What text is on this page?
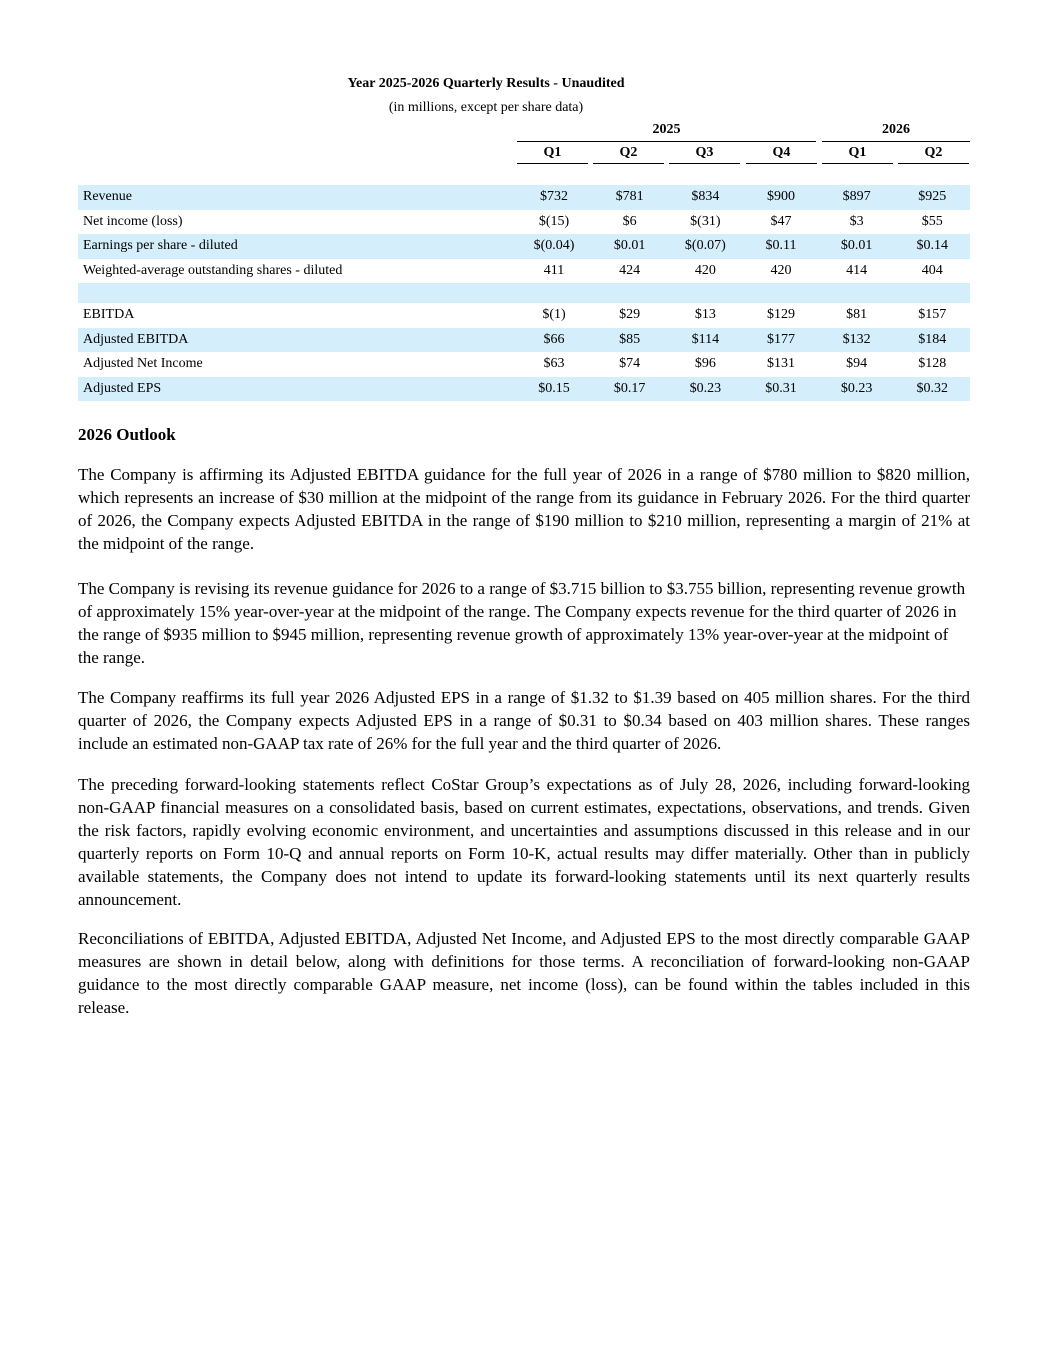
Year 2025-2026 Quarterly Results - Unaudited
(in millions, except per share data)
2025	2026
Q1	Q2	Q3	Q4	Q1	Q2
Revenue	$732	$781	$834	$900	$897	$925
Net income (loss)	$(15)	$6	$(31)	$47	$3	$55
Earnings per share - diluted	$(0.04)	$0.01	$(0.07)	$0.11	$0.01	$0.14
Weighted-average outstanding shares - diluted	411	424	420	420	414	404

EBITDA	$(1)	$29	$13	$129	$81	$157
Adjusted EBITDA	$66	$85	$114	$177	$132	$184
Adjusted Net Income	$63	$74	$96	$131	$94	$128
Adjusted EPS	$0.15	$0.17	$0.23	$0.31	$0.23	$0.32
2026 Outlook

The Company is affirming its Adjusted EBITDA guidance for the full year of 2026 in a range of $780 million to $820 million, which represents an increase of $30 million at the midpoint of the range from its guidance in February 2026. For the third quarter of 2026, the Company expects Adjusted EBITDA in the range of $190 million to $210 million, representing a margin of 21% at the midpoint of the range.

The Company is revising its revenue guidance for 2026 to a range of $3.715 billion to $3.755 billion, representing revenue growth of approximately 15% year-over-year at the midpoint of the range. The Company expects revenue for the third quarter of 2026 in the range of $935 million to $945 million, representing revenue growth of approximately 13% year-over-year at the midpoint of the range.

The Company reaffirms its full year 2026 Adjusted EPS in a range of $1.32 to $1.39 based on 405 million shares. For the third quarter of 2026, the Company expects Adjusted EPS in a range of $0.31 to $0.34 based on 403 million shares. These ranges include an estimated non-GAAP tax rate of 26% for the full year and the third quarter of 2026.

The preceding forward-looking statements reflect CoStar Group’s expectations as of July 28, 2026, including forward-looking non-GAAP financial measures on a consolidated basis, based on current estimates, expectations, observations, and trends. Given the risk factors, rapidly evolving economic environment, and uncertainties and assumptions discussed in this release and in our quarterly reports on Form 10-Q and annual reports on Form 10-K, actual results may differ materially. Other than in publicly available statements, the Company does not intend to update its forward-looking statements until its next quarterly results announcement.

Reconciliations of EBITDA, Adjusted EBITDA, Adjusted Net Income, and Adjusted EPS to the most directly comparable GAAP measures are shown in detail below, along with definitions for those terms. A reconciliation of forward-looking non-GAAP guidance to the most directly comparable GAAP measure, net income (loss), can be found within the tables included in this release.
